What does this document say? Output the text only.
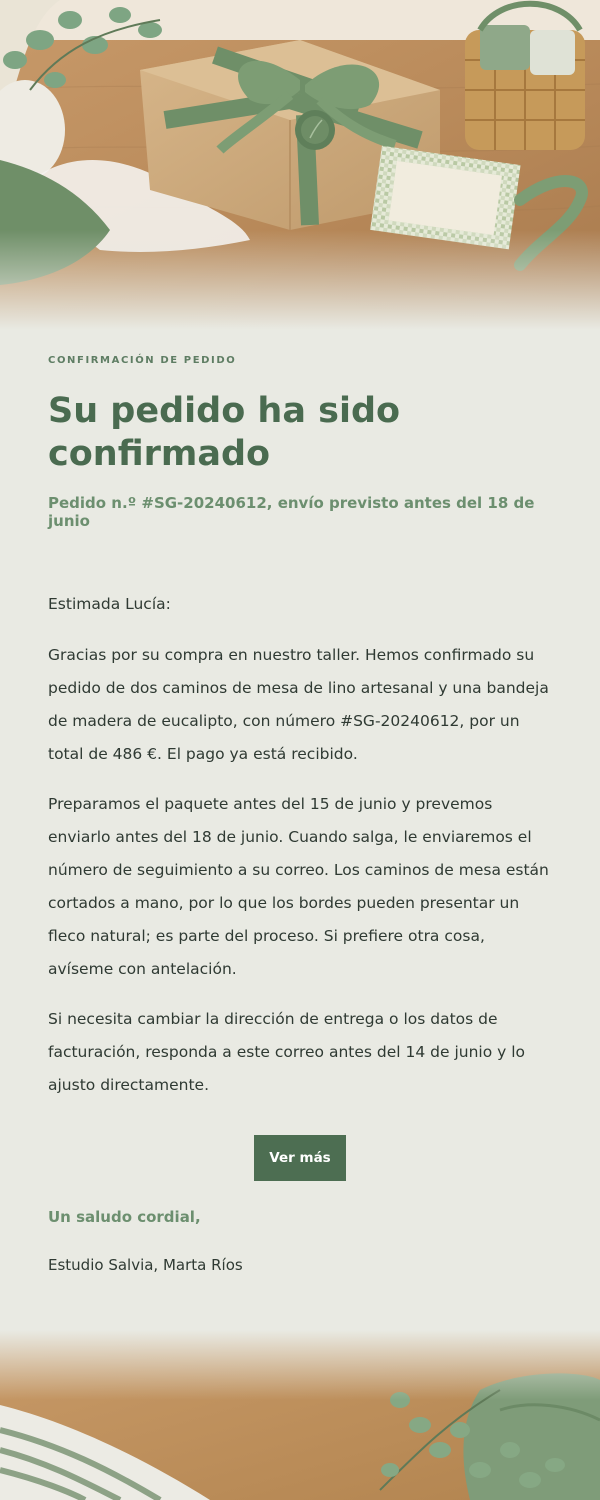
CONFIRMACIÓN DE PEDIDO
Su pedido ha sido confirmado
Pedido n.º #SG-20240612, envío previsto antes del 18 de junio

Estimada Lucía:

Gracias por su compra en nuestro taller. Hemos confirmado su pedido de dos caminos de mesa de lino artesanal y una bandeja de madera de eucalipto, con número #SG-20240612, por un total de 486 €. El pago ya está recibido.

Preparamos el paquete antes del 15 de junio y prevemos enviarlo antes del 18 de junio. Cuando salga, le enviaremos el número de seguimiento a su correo. Los caminos de mesa están cortados a mano, por lo que los bordes pueden presentar un fleco natural; es parte del proceso. Si prefiere otra cosa, avíseme con antelación.

Si necesita cambiar la dirección de entrega o los datos de facturación, responda a este correo antes del 14 de junio y lo ajusto directamente.

Ver más
Un saludo cordial,
Estudio Salvia, Marta Ríos
